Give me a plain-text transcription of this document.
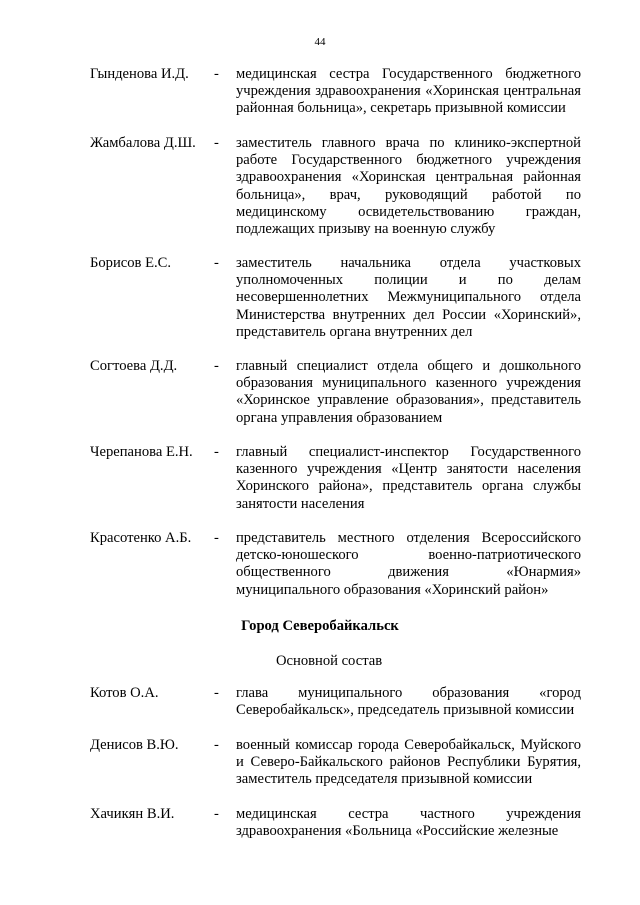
44
Гынденова И.Д. - медицинская сестра Государственного бюджетного учреждения здравоохранения «Хоринская центральная районная больница», секретарь призывной комиссии
Жамбалова Д.Ш. - заместитель главного врача по клинико-экспертной работе Государственного бюджетного учреждения здравоохранения «Хоринская центральная районная больница», врач, руководящий работой по медицинскому освидетельствованию граждан, подлежащих призыву на военную службу
Борисов Е.С.	- заместитель начальника отдела участковых уполномоченных полиции и по делам несовершеннолетних Межмуниципального отдела Министерства внутренних дел России «Хоринский», представитель органа внутренних дел
Согтоева Д.Д.	- главный специалист отдела общего и дошкольного образования муниципального казенного учреждения «Хоринское управление образования», представитель органа управления образованием
Черепанова Е.Н. - главный специалист-инспектор Государственного казенного учреждения «Центр занятости населения Хоринского района», представитель органа службы занятости населения
Красотенко А.Б. - представитель местного отделения Всероссийского детско-юношеского военно-патриотического общественного движения «Юнармия» муниципального образования «Хоринский район»
Город Северобайкальск
Основной состав
Котов О.А.	- глава муниципального образования «город Северобайкальск», председатель призывной комиссии
Денисов В.Ю. - военный комиссар города Северобайкальск, Муйского и Северо-Байкальского районов Республики Бурятия, заместитель председателя призывной комиссии
Хачикян В.И.	- медицинская сестра частного учреждения здравоохранения «Больница «Российские железные
